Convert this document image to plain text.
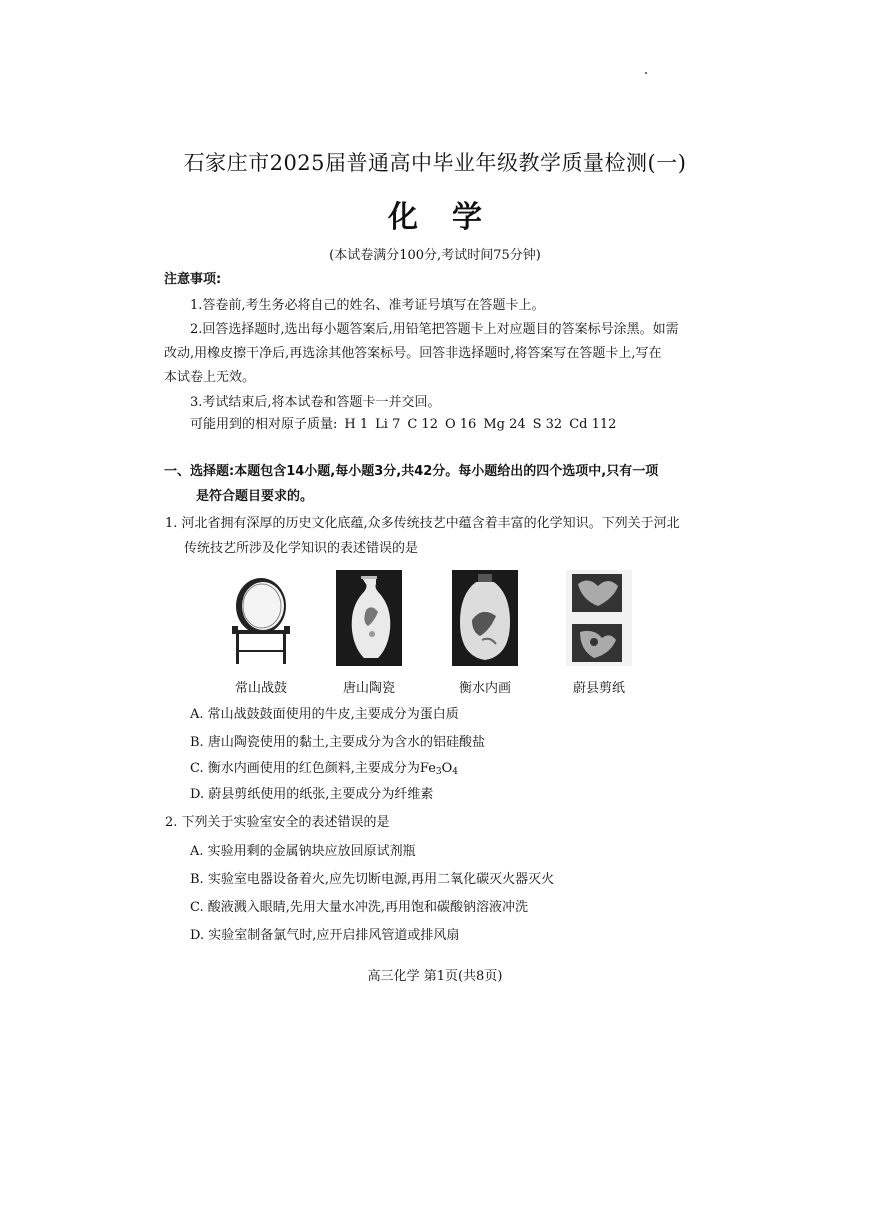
石家庄市2025届普通高中毕业年级教学质量检测(一)
化学
(本试卷满分100分,考试时间75分钟)
注意事项:
1.答卷前,考生务必将自己的姓名、准考证号填写在答题卡上。
2.回答选择题时,选出每小题答案后,用铅笔把答题卡上对应题目的答案标号涂黑。如需
改动,用橡皮擦干净后,再选涂其他答案标号。回答非选择题时,将答案写在答题卡上,写在
本试卷上无效。
3.考试结束后,将本试卷和答题卡一并交回。
可能用到的相对原子质量: H 1 Li 7 C 12 O 16 Mg 24 S 32 Cd 112
一、选择题:本题包含14小题,每小题3分,共42分。每小题给出的四个选项中,只有一项
是符合题目要求的。
1. 河北省拥有深厚的历史文化底蕴,众多传统技艺中蕴含着丰富的化学知识。下列关于河北
传统技艺所涉及化学知识的表述错误的是
常山战鼓	唐山陶瓷	衡水内画	蔚县剪纸
A. 常山战鼓鼓面使用的牛皮,主要成分为蛋白质
B. 唐山陶瓷使用的黏土,主要成分为含水的铝硅酸盐
C. 衡水内画使用的红色颜料,主要成分为$Fe_3O_4$
D. 蔚县剪纸使用的纸张,主要成分为纤维素
2. 下列关于实验室安全的表述错误的是
A. 实验用剩的金属钠块应放回原试剂瓶
B. 实验室电器设备着火,应先切断电源,再用二氧化碳灭火器灭火
C. 酸液溅入眼睛,先用大量水冲洗,再用饱和碳酸钠溶液冲洗
D. 实验室制备氯气时,应开启排风管道或排风扇
高三化学 第1页(共8页)
